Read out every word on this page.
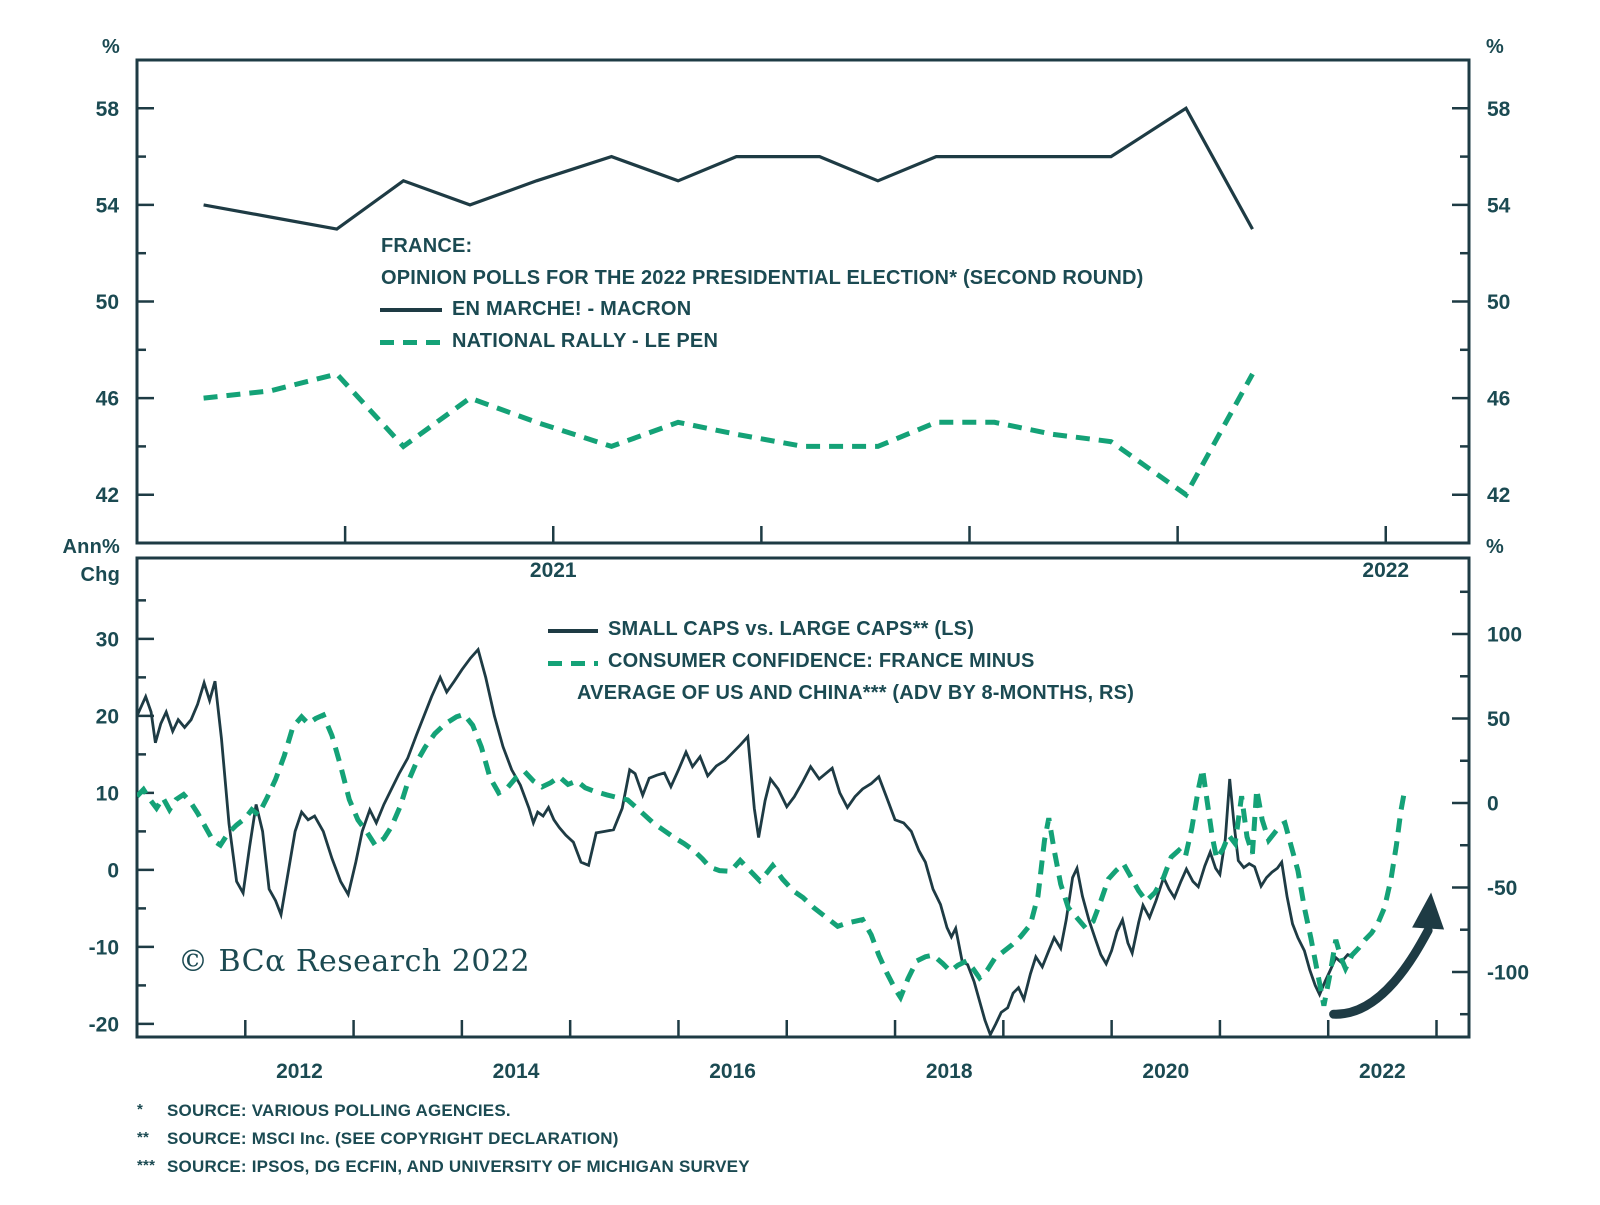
58
54
50
46
42
58
54
50
46
42
2021	2022
30
20
10
0
-10
-20
100
50
0
-50
-100
2012	2014	2016	2018	2020	2022
%	%
FRANCE:
OPINION POLLS FOR THE 2022 PRESIDENTIAL ELECTION* (SECOND ROUND)
EN MARCHE! - MACRON
NATIONAL RALLY - LE PEN
Ann%
Chg
%
SMALL CAPS vs. LARGE CAPS** (LS)
CONSUMER CONFIDENCE: FRANCE MINUS
AVERAGE OF US AND CHINA*** (ADV BY 8-MONTHS, RS)
© BCα Research 2022
* SOURCE: VARIOUS POLLING AGENCIES.
** SOURCE: MSCI Inc. (SEE COPYRIGHT DECLARATION)
*** SOURCE: IPSOS, DG ECFIN, AND UNIVERSITY OF MICHIGAN SURVEY
